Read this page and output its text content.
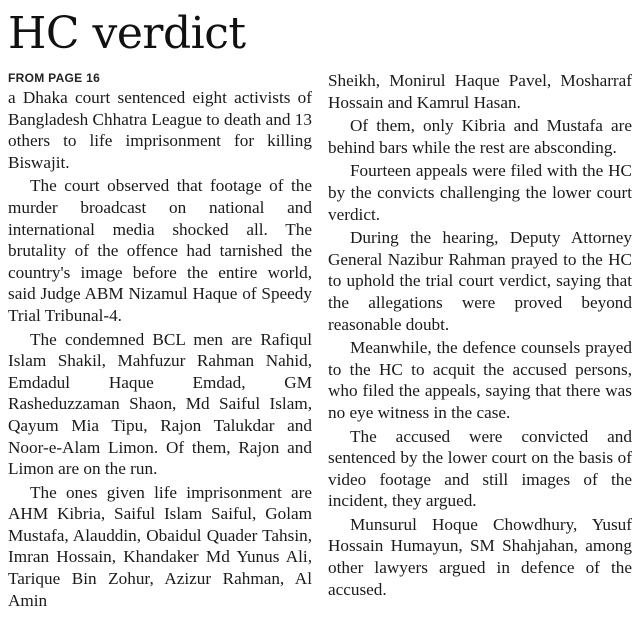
HC verdict
FROM PAGE 16

a Dhaka court sentenced eight activists of Bangladesh Chhatra League to death and 13 others to life imprisonment for killing Biswajit.

The court observed that footage of the murder broadcast on national and international media shocked all. The brutality of the offence had tarnished the country's image before the entire world, said Judge ABM Nizamul Haque of Speedy Trial Tribunal-4.

The condemned BCL men are Rafiqul Islam Shakil, Mahfuzur Rahman Nahid, Emdadul Haque Emdad, GM Rasheduzzaman Shaon, Md Saiful Islam, Qayum Mia Tipu, Rajon Talukdar and Noor-e-Alam Limon. Of them, Rajon and Limon are on the run.

The ones given life imprisonment are AHM Kibria, Saiful Islam Saiful, Golam Mustafa, Alauddin, Obaidul Quader Tahsin, Imran Hossain, Khandaker Md Yunus Ali, Tarique Bin Zohur, Azizur Rahman, Al Amin

Sheikh, Monirul Haque Pavel, Mosharraf Hossain and Kamrul Hasan.

Of them, only Kibria and Mustafa are behind bars while the rest are absconding.

Fourteen appeals were filed with the HC by the convicts challenging the lower court verdict.

During the hearing, Deputy Attorney General Nazibur Rahman prayed to the HC to uphold the trial court verdict, saying that the allegations were proved beyond reasonable doubt.

Meanwhile, the defence counsels prayed to the HC to acquit the accused persons, who filed the appeals, saying that there was no eye witness in the case.

The accused were convicted and sentenced by the lower court on the basis of video footage and still images of the incident, they argued.

Munsurul Hoque Chowdhury, Yusuf Hossain Humayun, SM Shahjahan, among other lawyers argued in defence of the accused.
